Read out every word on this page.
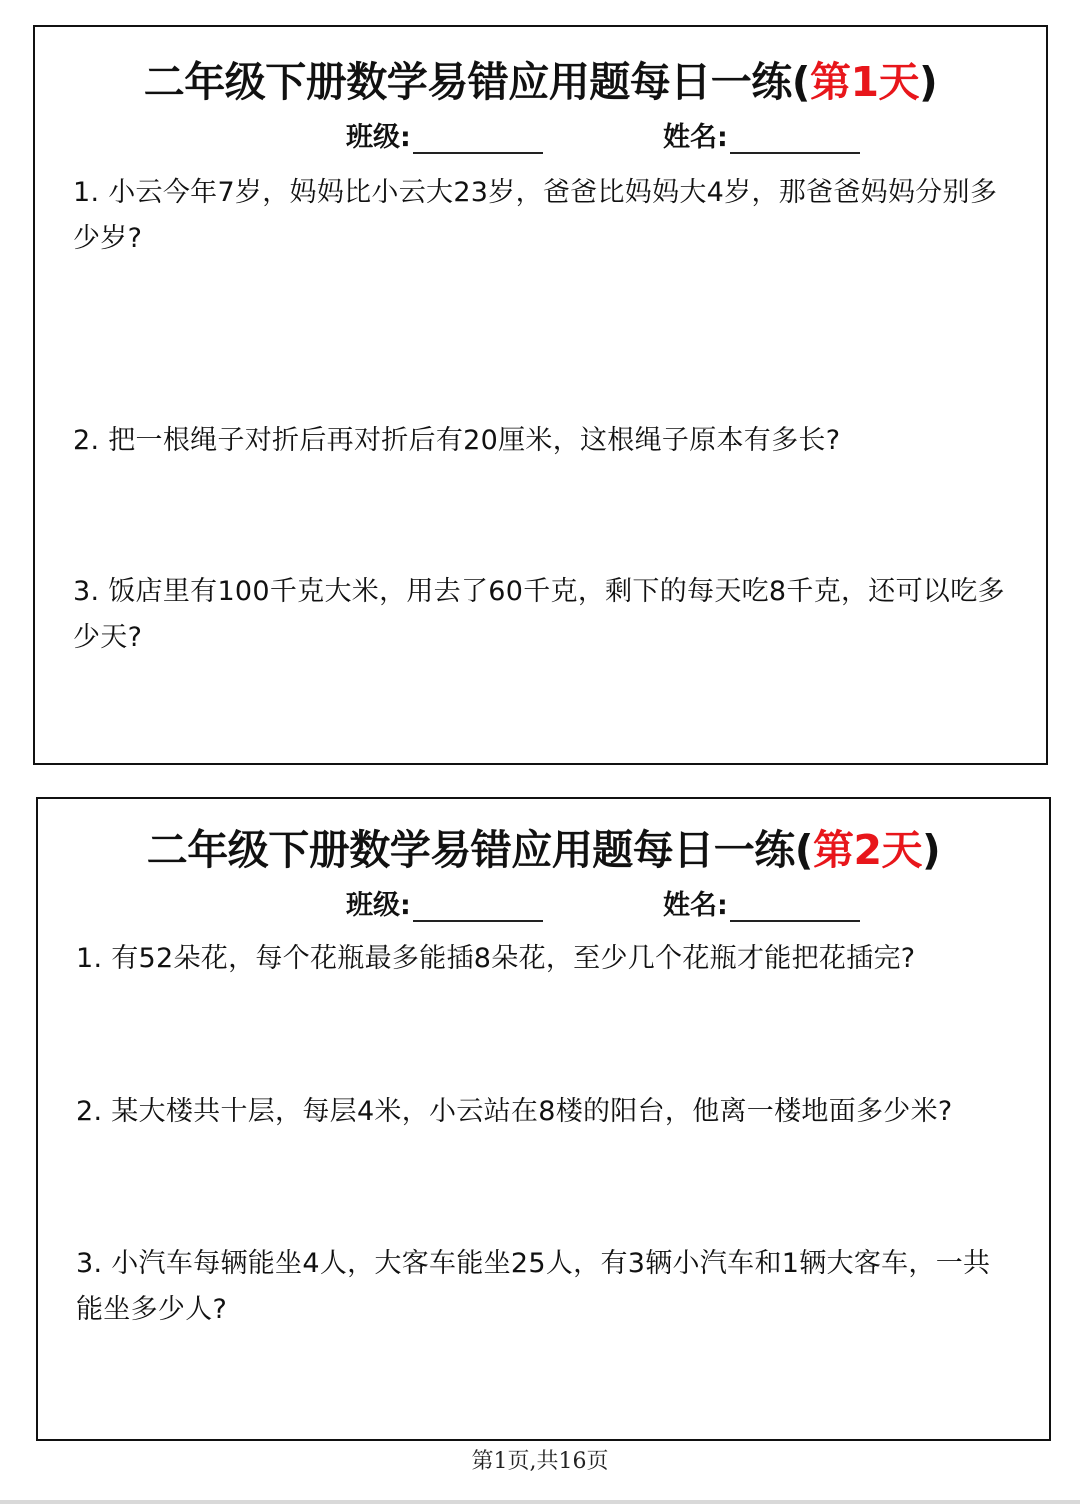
二年级下册数学易错应用题每日一练(第1天)
班级:	姓名:
1. 小云今年7岁，妈妈比小云大23岁，爸爸比妈妈大4岁，那爸爸妈妈分别多少岁?
2. 把一根绳子对折后再对折后有20厘米，这根绳子原本有多长?
3. 饭店里有100千克大米，用去了60千克，剩下的每天吃8千克，还可以吃多少天?
二年级下册数学易错应用题每日一练(第2天)
班级:	姓名:
1. 有52朵花，每个花瓶最多能插8朵花，至少几个花瓶才能把花插完?
2. 某大楼共十层，每层4米，小云站在8楼的阳台，他离一楼地面多少米?
3. 小汽车每辆能坐4人，大客车能坐25人，有3辆小汽车和1辆大客车，一共能坐多少人?
第1页,共16页
